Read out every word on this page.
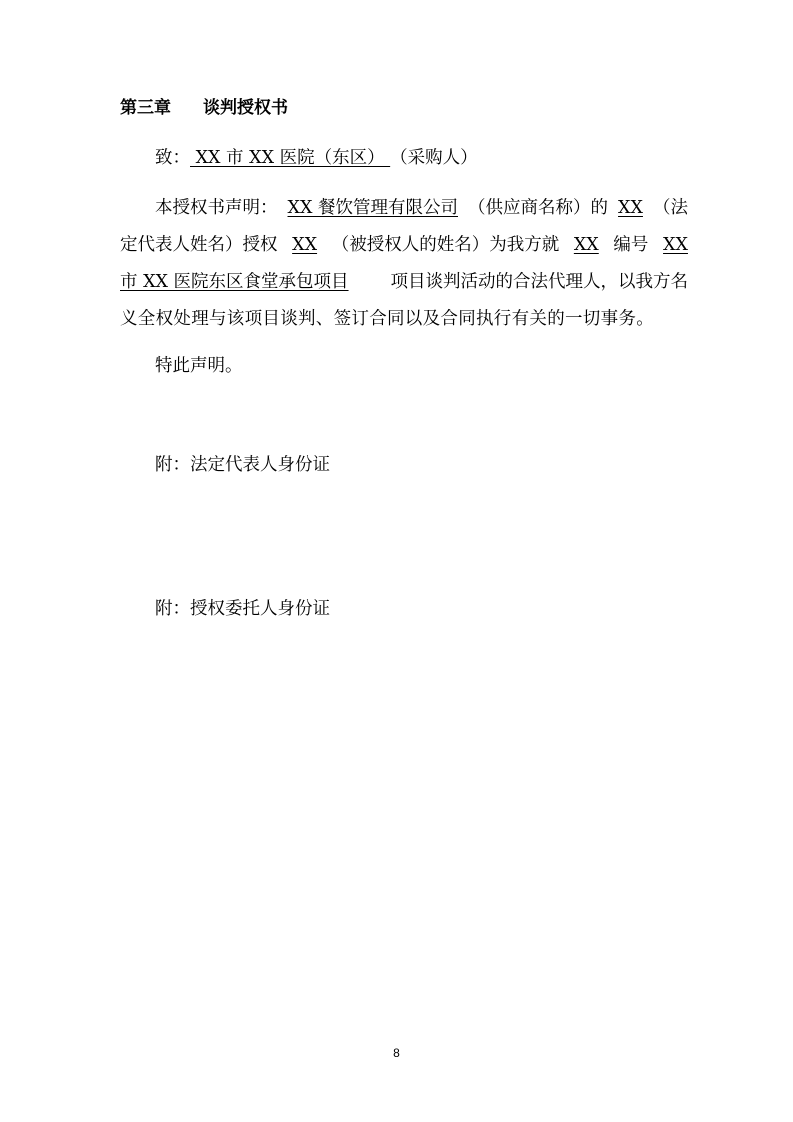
第三章 谈判授权书
致： XX 市 XX 医院（东区） （采购人）
本授权书声明： XX 餐饮管理有限公司 （供应商名称）的 XX （法
定代表人姓名）授权 XX （被授权人的姓名）为我方就 XX 编号 XX
市 XX 医院东区食堂承包项目 项目谈判活动的合法代理人，以我方名
义全权处理与该项目谈判、签订合同以及合同执行有关的一切事务。
特此声明。
附：法定代表人身份证
附：授权委托人身份证
8
